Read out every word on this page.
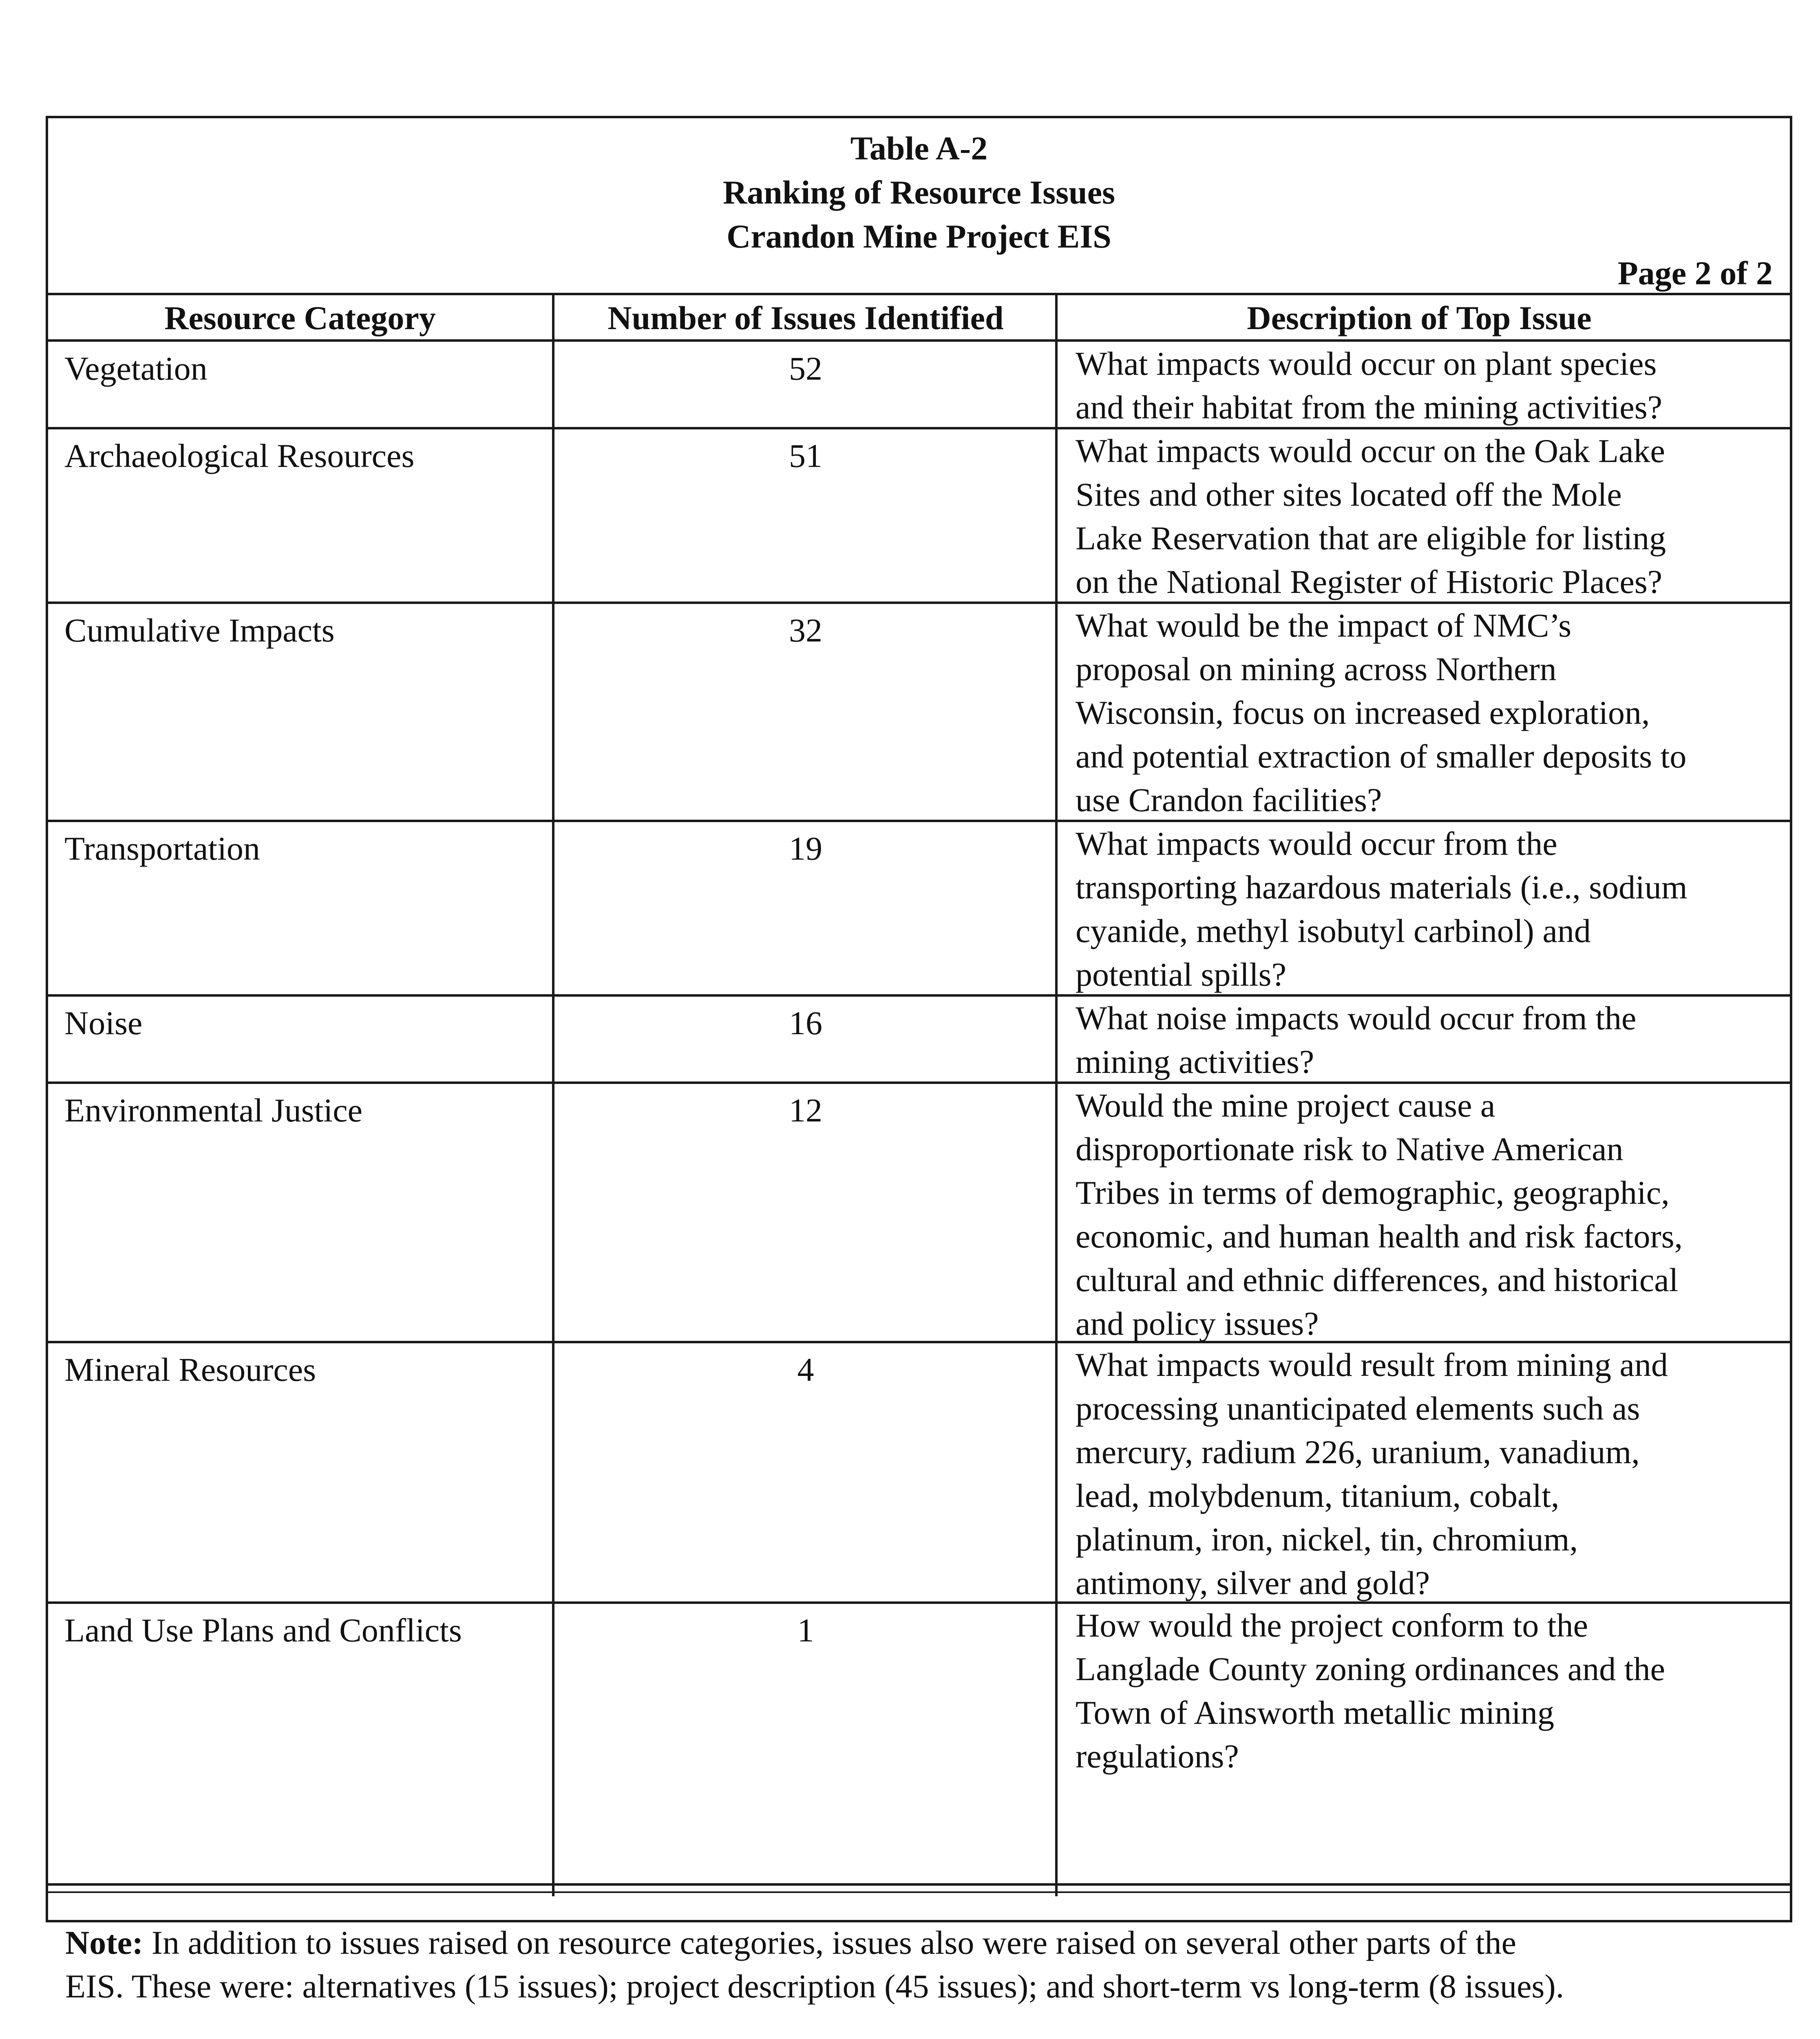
Table A-2
Ranking of Resource Issues
Crandon Mine Project EIS
Page 2 of 2
Resource Category	Number of Issues Identified	Description of Top Issue
Vegetation	52	What impacts would occur on plant species
and their habitat from the mining activities?
Archaeological Resources	51	What impacts would occur on the Oak Lake
Sites and other sites located off the Mole
Lake Reservation that are eligible for listing
on the National Register of Historic Places?
Cumulative Impacts	32	What would be the impact of NMC’s
proposal on mining across Northern
Wisconsin, focus on increased exploration,
and potential extraction of smaller deposits to
use Crandon facilities?
Transportation	19	What impacts would occur from the
transporting hazardous materials (i.e., sodium
cyanide, methyl isobutyl carbinol) and
potential spills?
Noise	16	What noise impacts would occur from the
mining activities?
Environmental Justice	12	Would the mine project cause a
disproportionate risk to Native American
Tribes in terms of demographic, geographic,
economic, and human health and risk factors,
cultural and ethnic differences, and historical
and policy issues?
Mineral Resources	4	What impacts would result from mining and
processing unanticipated elements such as
mercury, radium 226, uranium, vanadium,
lead, molybdenum, titanium, cobalt,
platinum, iron, nickel, tin, chromium,
antimony, silver and gold?
Land Use Plans and Conflicts	1	How would the project conform to the
Langlade County zoning ordinances and the
Town of Ainsworth metallic mining
regulations?
Note: In addition to issues raised on resource categories, issues also were raised on several other parts of the
EIS. These were: alternatives (15 issues); project description (45 issues); and short-term vs long-term (8 issues).
